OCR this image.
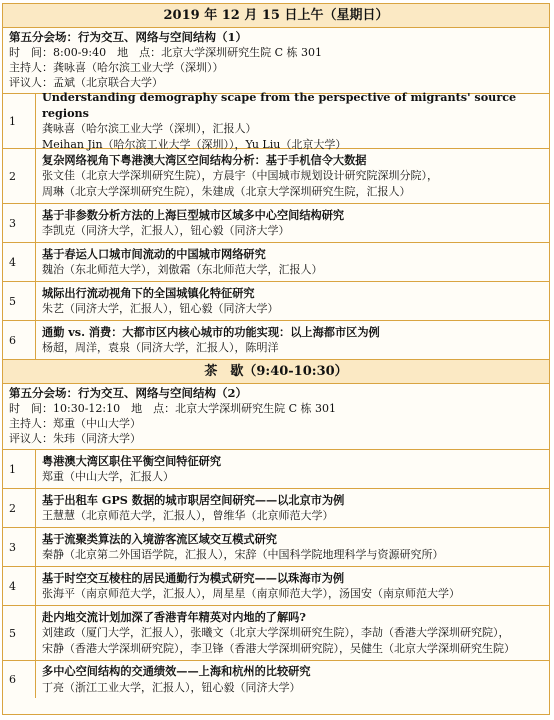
2019 年 12 月 15 日上午（星期日）
第五分会场：行为交互、网络与空间结构（1）
时　间：8:00-9:40　地　点：北京大学深圳研究生院 C 栋 301
主持人：龚咏喜（哈尔滨工业大学（深圳））
评议人：孟斌（北京联合大学）
1
Understanding demography scape from the perspective of migrants' source regions
龚咏喜（哈尔滨工业大学（深圳），汇报人）
Meihan Jin（哈尔滨工业大学（深圳）），Yu Liu（北京大学）
2
复杂网络视角下粤港澳大湾区空间结构分析：基于手机信令大数据
张文佳（北京大学深圳研究生院），方晨宇（中国城市规划设计研究院深圳分院），
周琳（北京大学深圳研究生院），朱建成（北京大学深圳研究生院，汇报人）
3
基于非参数分析方法的上海巨型城市区域多中心空间结构研究
李凯克（同济大学，汇报人），钮心毅（同济大学）
4
基于春运人口城市间流动的中国城市网络研究
魏治（东北师范大学），刘傲霜（东北师范大学，汇报人）
5
城际出行流动视角下的全国城镇化特征研究
朱艺（同济大学，汇报人），钮心毅（同济大学）
6
通勤 vs. 消费：大都市区内核心城市的功能实现：以上海都市区为例
杨超，周洋，袁泉（同济大学，汇报人），陈明洋
茶　歇（9:40-10:30）
第五分会场：行为交互、网络与空间结构（2）
时　间：10:30-12:10　地　点：北京大学深圳研究生院 C 栋 301
主持人：郑重（中山大学）
评议人：朱玮（同济大学）
1
粤港澳大湾区职住平衡空间特征研究
郑重（中山大学，汇报人）
2
基于出租车 GPS 数据的城市职居空间研究——以北京市为例
王慧慧（北京师范大学，汇报人），曾维华（北京师范大学）
3
基于流聚类算法的入境游客流区域交互模式研究
秦静（北京第二外国语学院，汇报人），宋辞（中国科学院地理科学与资源研究所）
4
基于时空交互棱柱的居民通勤行为模式研究——以珠海市为例
张海平（南京师范大学，汇报人），周星星（南京师范大学），汤国安（南京师范大学）
5
赴内地交流计划加深了香港青年精英对内地的了解吗?
刘建政（厦门大学，汇报人），张曦文（北京大学深圳研究生院），李劼（香港大学深圳研究院），
宋静（香港大学深圳研究院），李卫锋（香港大学深圳研究院），吴健生（北京大学深圳研究生院）
6
多中心空间结构的交通绩效——上海和杭州的比较研究
丁亮（浙江工业大学，汇报人），钮心毅（同济大学）
